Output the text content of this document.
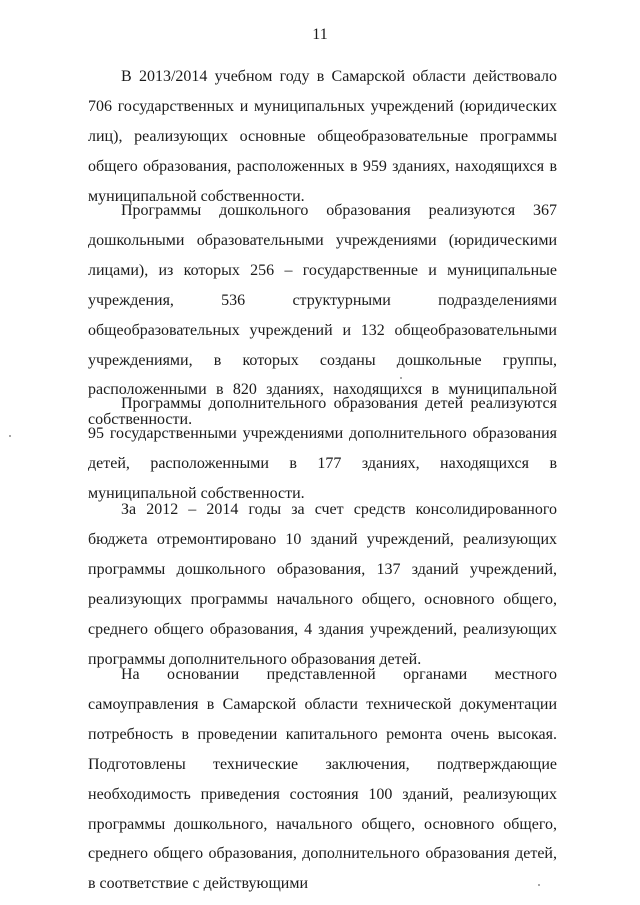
11

В 2013/2014 учебном году в Самарской области действовало 706 государственных и муниципальных учреждений (юридических лиц), реализующих основные общеобразовательные программы общего образования, расположенных в 959 зданиях, находящихся в муниципальной собственности.

Программы дошкольного образования реализуются 367 дошкольными образовательными учреждениями (юридическими лицами), из которых 256 – государственные и муниципальные учреждения, 536 структурными подразделениями общеобразовательных учреждений и 132 общеобразовательными учреждениями, в которых созданы дошкольные группы, расположенными в 820 зданиях, находящихся в муниципальной собственности.

Программы дополнительного образования детей реализуются 95 государственными учреждениями дополнительного образования детей, расположенными в 177 зданиях, находящихся в муниципальной собственности.

За 2012 – 2014 годы за счет средств консолидированного бюджета отремонтировано 10 зданий учреждений, реализующих программы дошкольного образования, 137 зданий учреждений, реализующих программы начального общего, основного общего, среднего общего образования, 4 здания учреждений, реализующих программы дополнительного образования детей.

На основании представленной органами местного самоуправления в Самарской области технической документации потребность в проведении капитального ремонта очень высокая. Подготовлены технические заключения, подтверждающие необходимость приведения состояния 100 зданий, реализующих программы дошкольного, начального общего, основного общего, среднего общего образования, дополнительного образования детей, в соответствие с действующими
